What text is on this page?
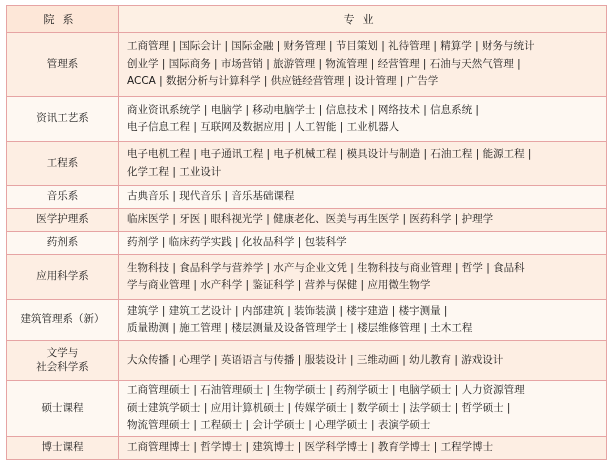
院系	专业

管理系	工商管理 | 国际会计 | 国际金融 | 财务管理 | 节目策划 | 礼待管理 | 精算学 | 财务与统计
创业学 | 国际商务 | 市场营销 | 旅游管理 | 物流管理 | 经营管理 | 石油与天然气管理 |
ACCA | 数据分析与计算科学 | 供应链经营管理 | 设计管理 | 广告学

资讯工艺系	商业资讯系统学 | 电脑学 | 移动电脑学士 | 信息技术 | 网络技术 | 信息系统 |
电子信息工程 | 互联网及数据应用 | 人工智能 | 工业机器人

工程系	电子电机工程 | 电子通讯工程 | 电子机械工程 | 模具设计与制造 | 石油工程 | 能源工程 |
化学工程 | 工业设计

音乐系	古典音乐 | 现代音乐 | 音乐基础课程

医学护理系	临床医学 | 牙医 | 眼科视光学 | 健康老化、医美与再生医学 | 医药科学 | 护理学

药剂系	药剂学 | 临床药学实践 | 化妆品科学 | 包装科学

应用科学系	生物科技 | 食品科学与营养学 | 水产与企业文凭 | 生物科技与商业管理 | 哲学 | 食品科
学与商业管理 | 水产科学 | 鉴证科学 | 营养与保健 | 应用微生物学

建筑管理系（新）	建筑学 | 建筑工艺设计 | 内部建筑 | 装饰装潢 | 楼宇建造 | 楼宇测量 |
质量勘测 | 施工管理 | 楼层测量及设备管理学士 | 楼层维修管理 | 土木工程

文学与
社会科学系	大众传播 | 心理学 | 英语语言与传播 | 服装设计 | 三维动画 | 幼儿教育 | 游戏设计

硕士课程	工商管理硕士 | 石油管理硕士 | 生物学硕士 | 药剂学硕士 | 电脑学硕士 | 人力资源管理
硕士建筑学硕士 | 应用计算机硕士 | 传媒学硕士 | 数学硕士 | 法学硕士 | 哲学硕士 |
物流管理硕士 | 工程硕士 | 会计学硕士 | 心理学硕士 | 表演学硕士

博士课程	工商管理博士 | 哲学博士 | 建筑博士 | 医学科学博士 | 教育学博士 | 工程学博士
